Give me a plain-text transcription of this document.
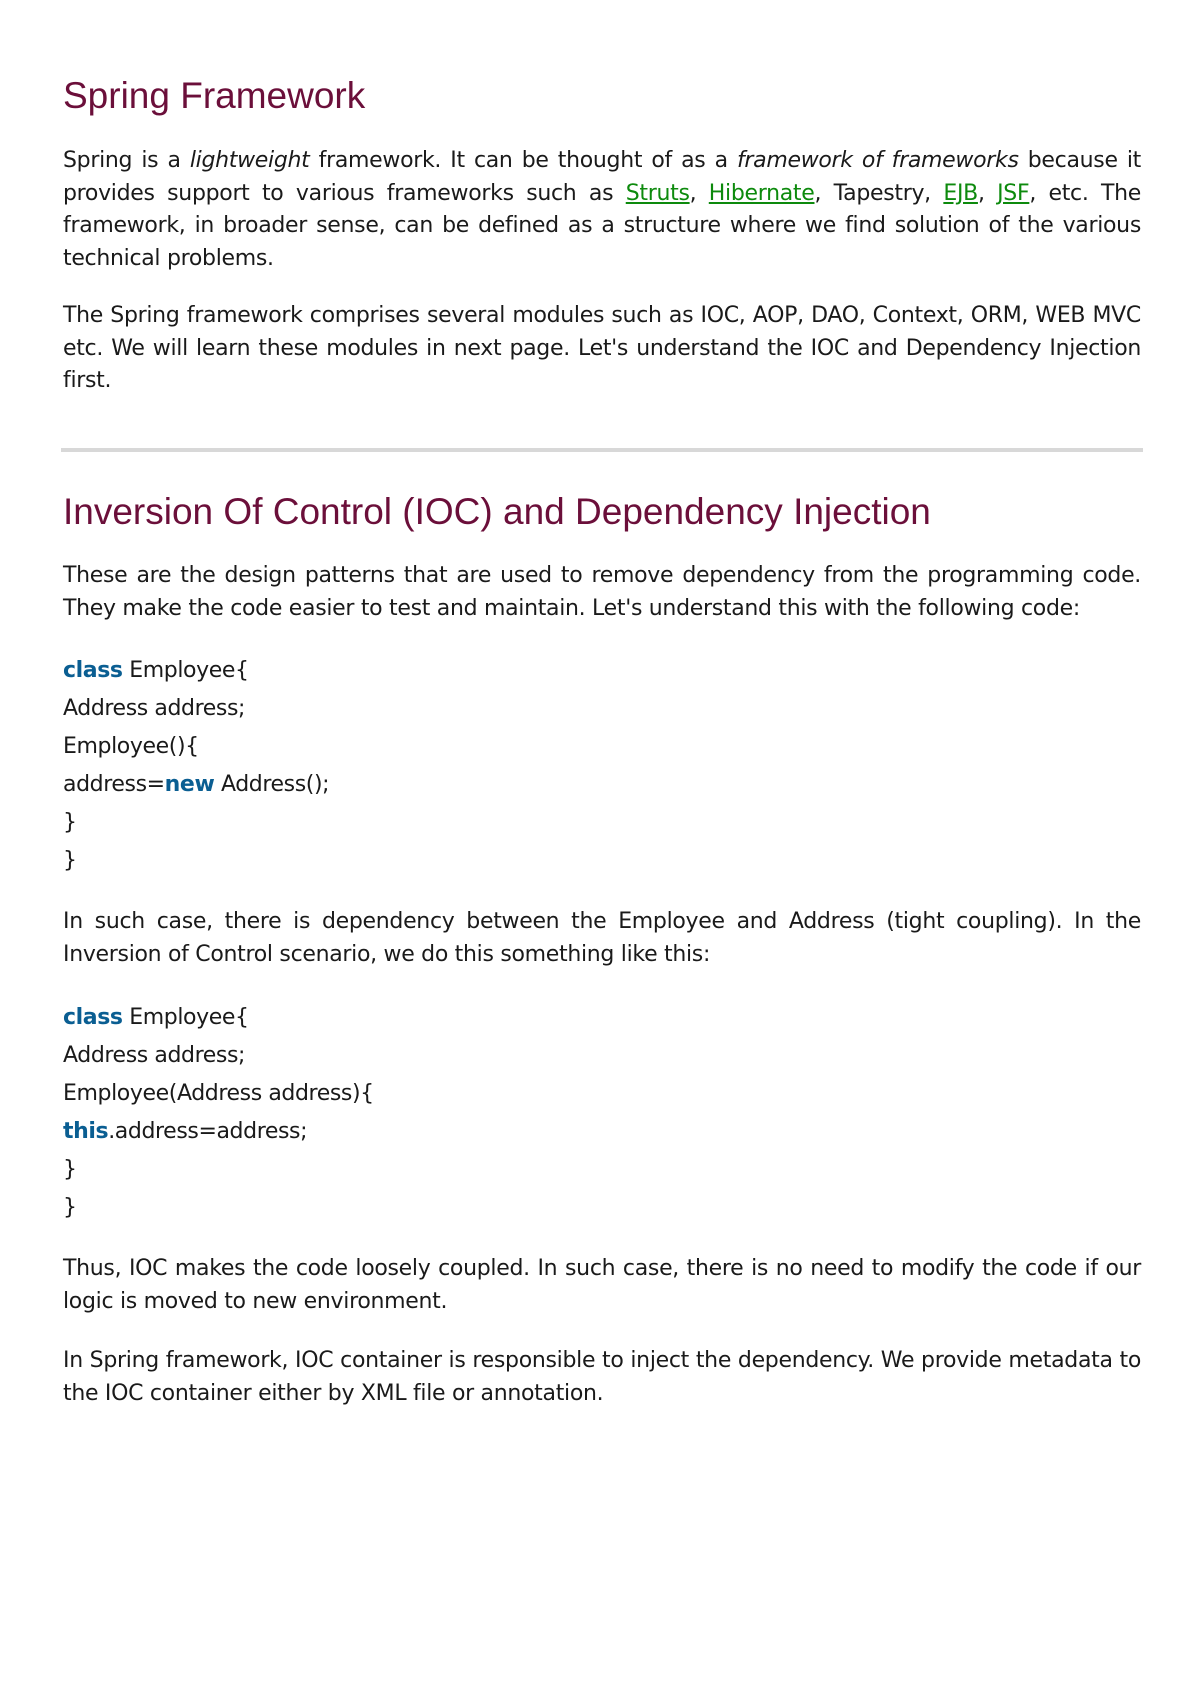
Spring Framework

Spring is a lightweight framework. It can be thought of as a framework of frameworks because it provides support to various frameworks such as Struts, Hibernate, Tapestry, EJB, JSF, etc. The framework, in broader sense, can be defined as a structure where we find solution of the various technical problems.

The Spring framework comprises several modules such as IOC, AOP, DAO, Context, ORM, WEB MVC etc. We will learn these modules in next page. Let's understand the IOC and Dependency Injection first.

Inversion Of Control (IOC) and Dependency Injection

These are the design patterns that are used to remove dependency from the programming code. They make the code easier to test and maintain. Let's understand this with the following code:

class Employee{
Address address;
Employee(){
address=new Address();
}
}

In such case, there is dependency between the Employee and Address (tight coupling). In the Inversion of Control scenario, we do this something like this:

class Employee{
Address address;
Employee(Address address){
this.address=address;
}
}

Thus, IOC makes the code loosely coupled. In such case, there is no need to modify the code if our logic is moved to new environment.

In Spring framework, IOC container is responsible to inject the dependency. We provide metadata to the IOC container either by XML file or annotation.
